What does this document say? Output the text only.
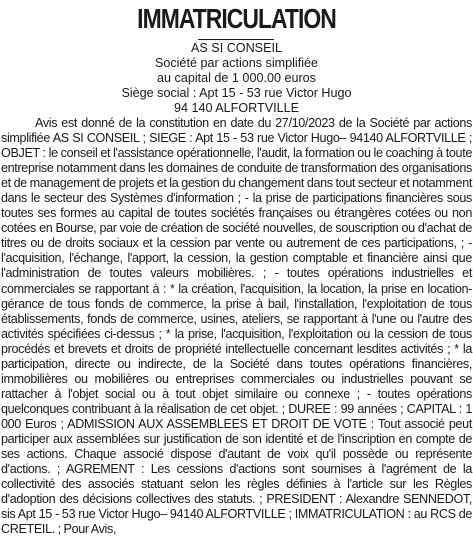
IMMATRICULATION
AS SI CONSEIL
Société par actions simplifiée
au capital de 1 000.00 euros
Siège social : Apt 15 - 53 rue Victor Hugo
94 140 ALFORTVILLE

Avis est donné de la constitution en date du 27/10/2023 de la Société par actions simplifiée AS SI CONSEIL ; SIEGE : Apt 15 - 53 rue Victor Hugo– 94140 ALFORTVILLE ; OBJET : le conseil et l'assistance opérationnelle, l'audit, la formation ou le coaching à toute entreprise notamment dans les domaines de conduite de transformation des organisations et de management de projets et la gestion du changement dans tout secteur et notamment dans le secteur des Systèmes d'information ; - la prise de participations financières sous toutes ses formes au capital de toutes sociétés françaises ou étrangères cotées ou non cotées en Bourse, par voie de création de société nouvelles, de souscription ou d'achat de titres ou de droits sociaux et la cession par vente ou autrement de ces participations, ; - l'acquisition, l'échange, l'apport, la cession, la gestion comptable et financière ainsi que l'administration de toutes valeurs mobilières. ; - toutes opérations industrielles et commerciales se rapportant à : * la création, l'acquisition, la location, la prise en location-gérance de tous fonds de commerce, la prise à bail, l'installation, l'exploitation de tous établissements, fonds de commerce, usines, ateliers, se rapportant à l'une ou l'autre des activités spécifiées ci-dessus ; * la prise, l'acquisition, l'exploitation ou la cession de tous procédés et brevets et droits de propriété intellectuelle concernant lesdites activités ; * la participation, directe ou indirecte, de la Société dans toutes opérations financières, immobilières ou mobilières ou entreprises commerciales ou industrielles pouvant se rattacher à l'objet social ou à tout objet similaire ou connexe ; - toutes opérations quelconques contribuant à la réalisation de cet objet. ; DUREE : 99 années ; CAPITAL : 1 000 Euros ; ADMISSION AUX ASSEMBLEES ET DROIT DE VOTE : Tout associé peut participer aux assemblées sur justification de son identité et de l'inscription en compte de ses actions. Chaque associé dispose d'autant de voix qu'il possède ou représente d'actions. ; AGREMENT : Les cessions d'actions sont soumises à l'agrément de la collectivité des associés statuant selon les règles définies à l'article sur les Règles d'adoption des décisions collectives des statuts. ; PRESIDENT : Alexandre SENNEDOT, sis Apt 15 - 53 rue Victor Hugo– 94140 ALFORTVILLE ; IMMATRICULATION : au RCS de CRETEIL. ; Pour Avis,
